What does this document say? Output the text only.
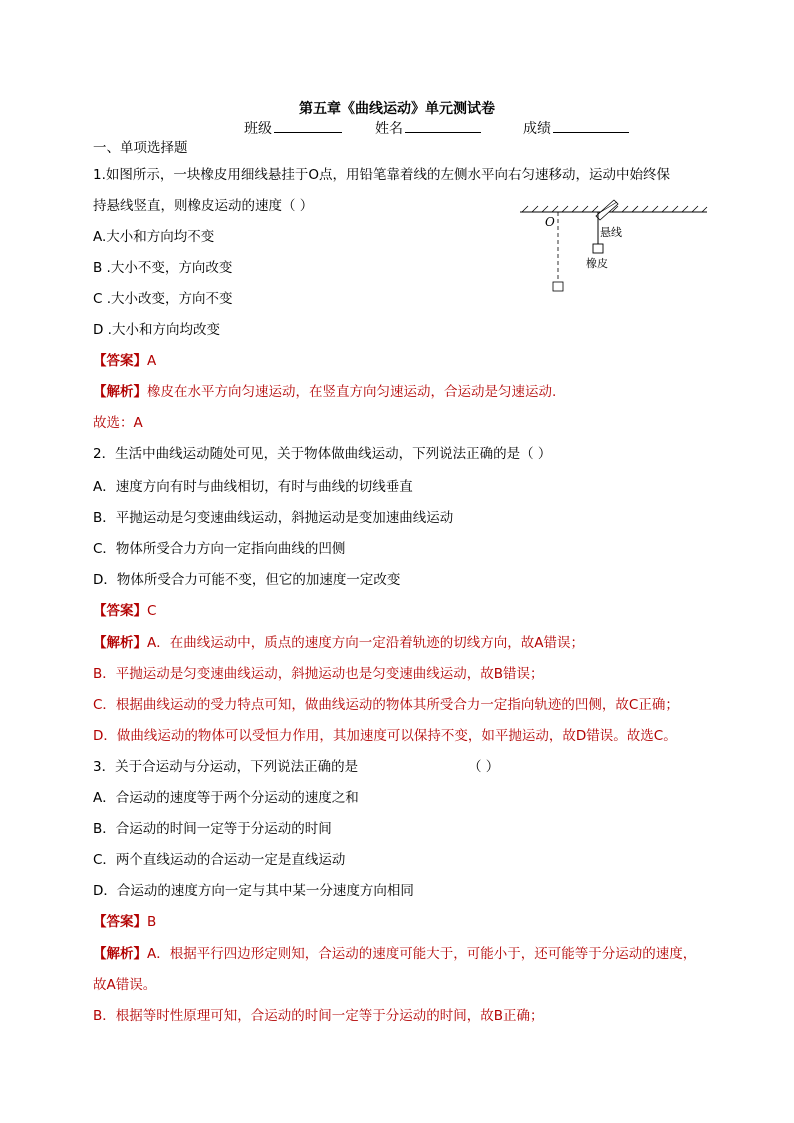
第五章《曲线运动》单元测试卷
班级	姓名	成绩
一、单项选择题
1.如图所示，一块橡皮用细线悬挂于O点，用铅笔靠着线的左侧水平向右匀速移动，运动中始终保
持悬线竖直，则橡皮运动的速度（ ）
A.大小和方向均不变
B .大小不变，方向改变
C .大小改变，方向不变
D .大小和方向均改变
【答案】A
【解析】橡皮在水平方向匀速运动，在竖直方向匀速运动，合运动是匀速运动.
故选：A
O
悬线
橡皮
2．生活中曲线运动随处可见，关于物体做曲线运动，下列说法正确的是（ ）
A．速度方向有时与曲线相切，有时与曲线的切线垂直
B．平抛运动是匀变速曲线运动，斜抛运动是变加速曲线运动
C．物体所受合力方向一定指向曲线的凹侧
D．物体所受合力可能不变，但它的加速度一定改变
【答案】C
【解析】A．在曲线运动中，质点的速度方向一定沿着轨迹的切线方向，故A错误；
B．平抛运动是匀变速曲线运动，斜抛运动也是匀变速曲线运动，故B错误；
C．根据曲线运动的受力特点可知，做曲线运动的物体其所受合力一定指向轨迹的凹侧，故C正确；
D．做曲线运动的物体可以受恒力作用，其加速度可以保持不变，如平抛运动，故D错误。故选C。
3．关于合运动与分运动，下列说法正确的是	（ ）
A．合运动的速度等于两个分运动的速度之和
B．合运动的时间一定等于分运动的时间
C．两个直线运动的合运动一定是直线运动
D．合运动的速度方向一定与其中某一分速度方向相同
【答案】B
【解析】A．根据平行四边形定则知，合运动的速度可能大于，可能小于，还可能等于分运动的速度，
故A错误。
B．根据等时性原理可知，合运动的时间一定等于分运动的时间，故B正确；
